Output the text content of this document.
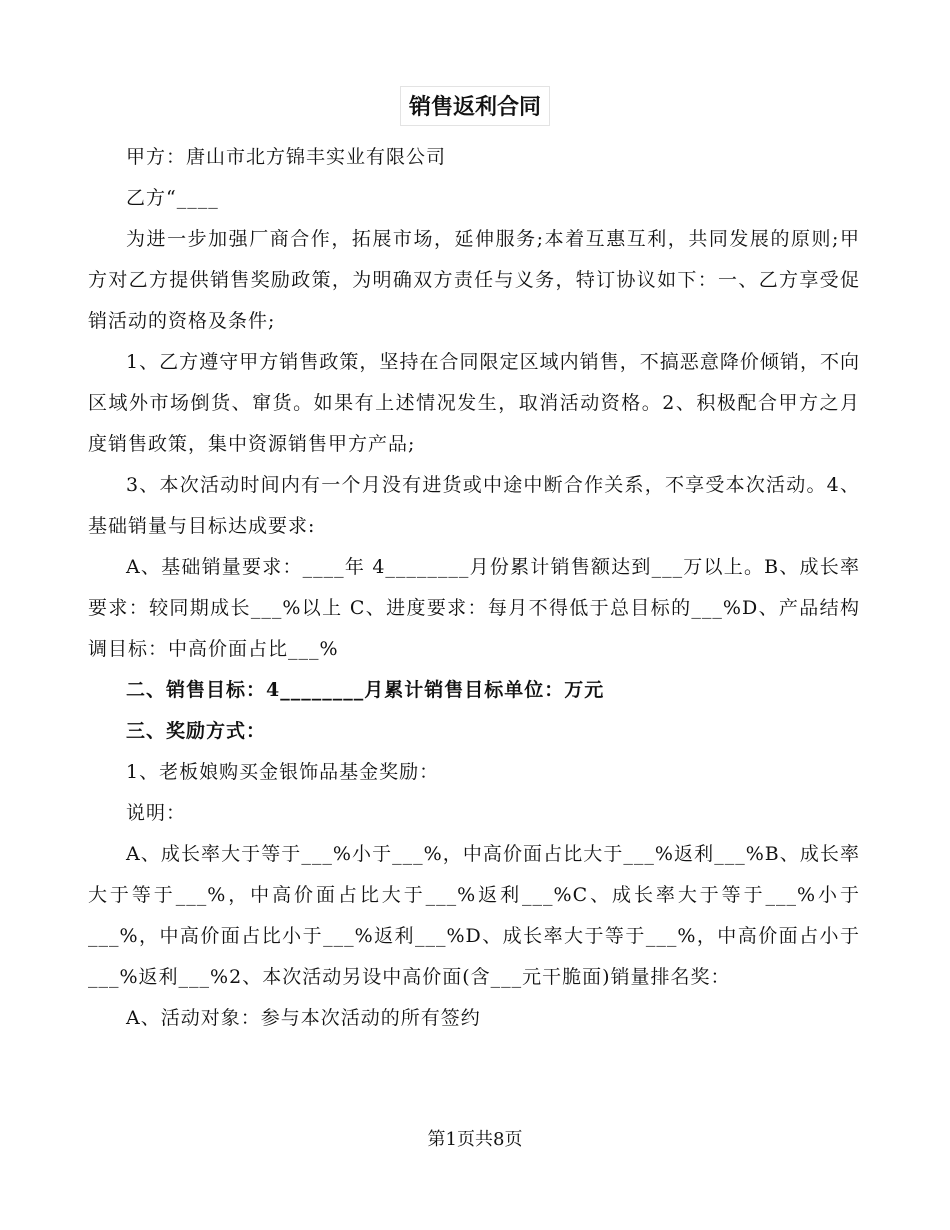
销售返利合同

甲方：唐山市北方锦丰实业有限公司

乙方“____

为进一步加强厂商合作，拓展市场，延伸服务;本着互惠互利，共同发展的原则;甲方对乙方提供销售奖励政策，为明确双方责任与义务，特订协议如下：一、乙方享受促销活动的资格及条件;

1、乙方遵守甲方销售政策，坚持在合同限定区域内销售，不搞恶意降价倾销，不向区域外市场倒货、窜货。如果有上述情况发生，取消活动资格。2、积极配合甲方之月度销售政策，集中资源销售甲方产品;

3、本次活动时间内有一个月没有进货或中途中断合作关系，不享受本次活动。4、基础销量与目标达成要求:

A、基础销量要求：____年 4________月份累计销售额达到___万以上。B、成长率要求：较同期成长___%以上 C、进度要求：每月不得低于总目标的___%D、产品结构调目标：中高价面占比___%

二、销售目标：4________月累计销售目标单位：万元

三、奖励方式：

1、老板娘购买金银饰品基金奖励：

说明：

A、成长率大于等于___%小于___%，中高价面占比大于___%返利___%B、成长率大于等于___%，中高价面占比大于___%返利___%C、成长率大于等于___%小于___%，中高价面占比小于___%返利___%D、成长率大于等于___%，中高价面占小于___%返利___%2、本次活动另设中高价面(含___元干脆面)销量排名奖：

A、活动对象：参与本次活动的所有签约

第1页共8页
